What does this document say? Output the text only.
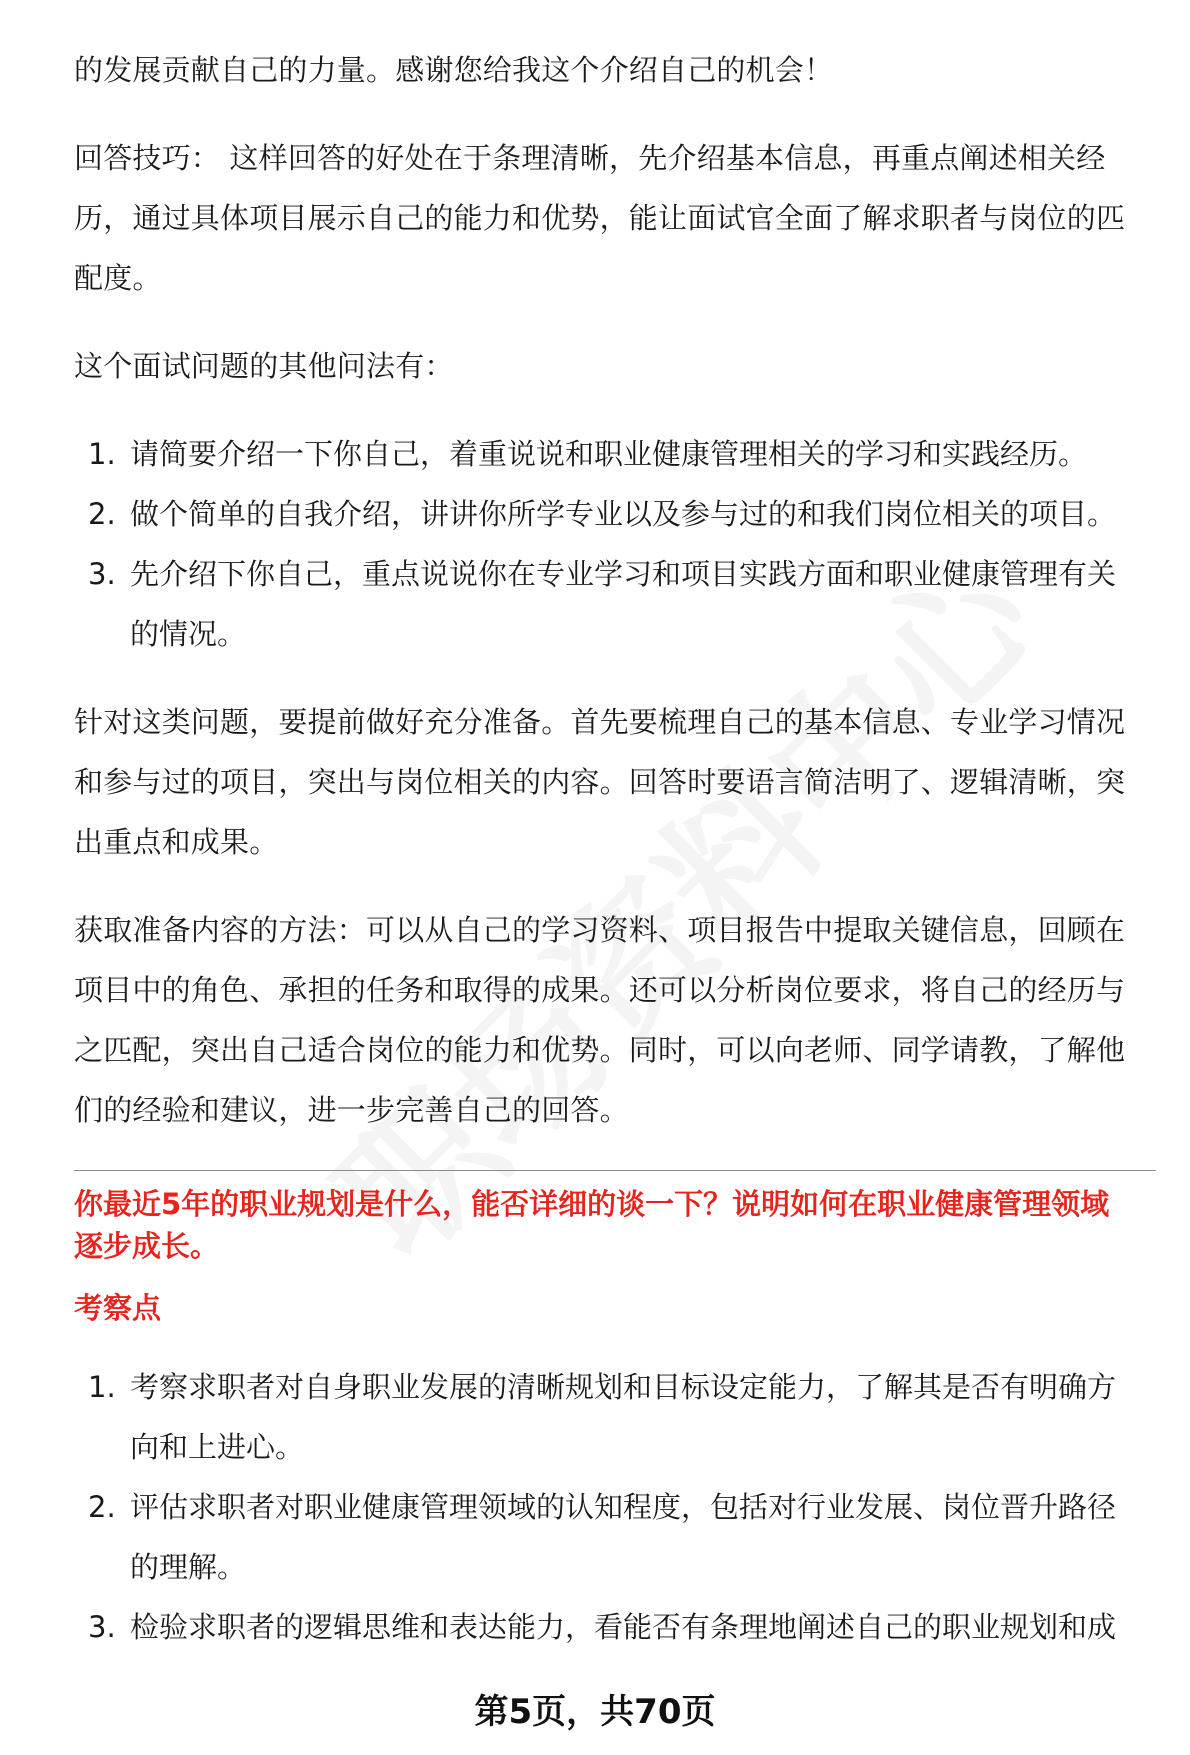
的发展贡献自己的力量。感谢您给我这个介绍自己的机会！

回答技巧： 这样回答的好处在于条理清晰，先介绍基本信息，再重点阐述相关经

历，通过具体项目展示自己的能力和优势，能让面试官全面了解求职者与岗位的匹

配度。

这个面试问题的其他问法有：

1. 请简要介绍一下你自己，着重说说和职业健康管理相关的学习和实践经历。
2. 做个简单的自我介绍，讲讲你所学专业以及参与过的和我们岗位相关的项目。
3. 先介绍下你自己，重点说说你在专业学习和项目实践方面和职业健康管理有关
的情况。

针对这类问题，要提前做好充分准备。首先要梳理自己的基本信息、专业学习情况

和参与过的项目，突出与岗位相关的内容。回答时要语言简洁明了、逻辑清晰，突

出重点和成果。

获取准备内容的方法：可以从自己的学习资料、项目报告中提取关键信息，回顾在

项目中的角色、承担的任务和取得的成果。还可以分析岗位要求，将自己的经历与

之匹配，突出自己适合岗位的能力和优势。同时，可以向老师、同学请教，了解他

们的经验和建议，进一步完善自己的回答。

你最近5年的职业规划是什么，能否详细的谈一下？说明如何在职业健康管理领域

逐步成长。

考察点

1. 考察求职者对自身职业发展的清晰规划和目标设定能力，了解其是否有明确方
向和上进心。
2. 评估求职者对职业健康管理领域的认知程度，包括对行业发展、岗位晋升路径
的理解。
3. 检验求职者的逻辑思维和表达能力，看能否有条理地阐述自己的职业规划和成
第5页，共70页
